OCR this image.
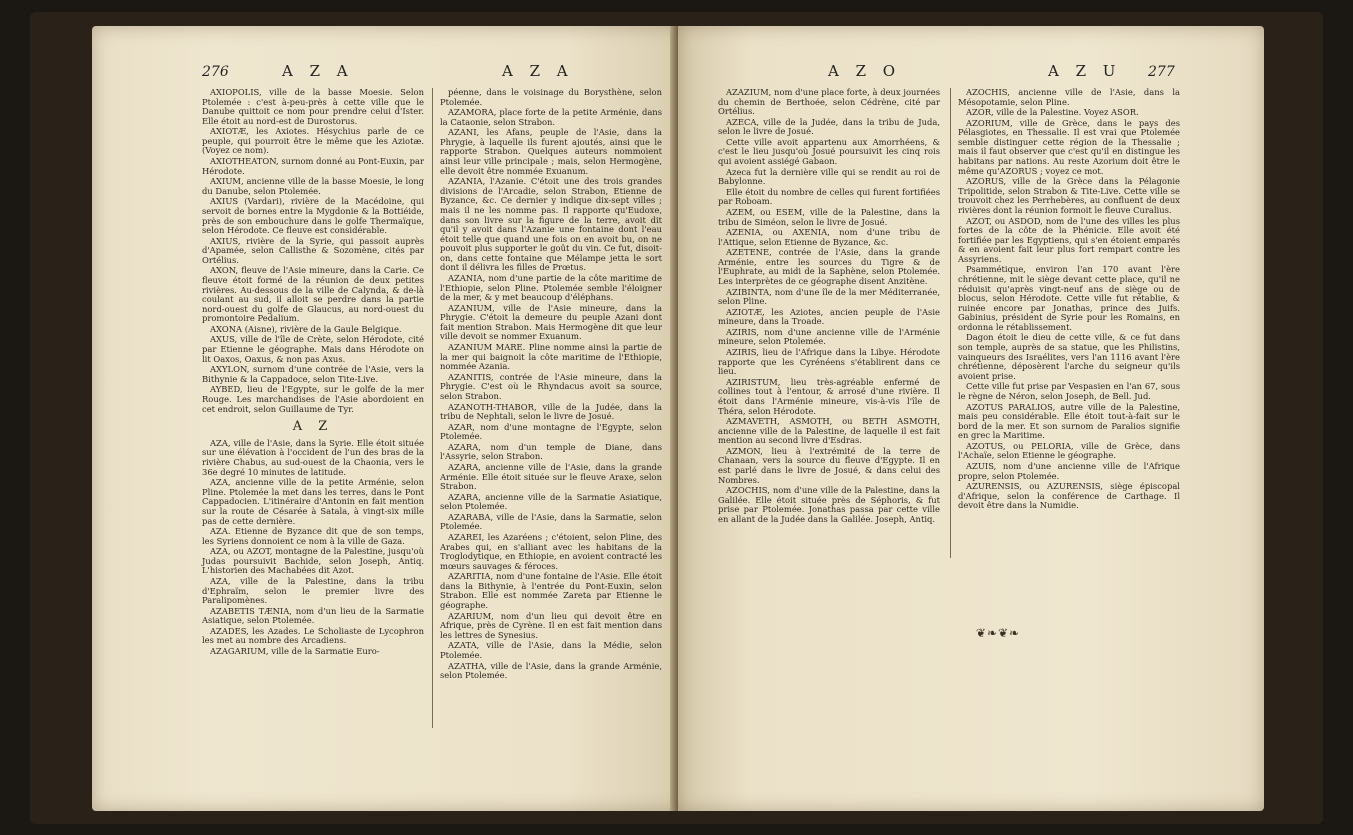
276	A Z A	A Z A

AXIOPOLIS, ville de la basse Moesie. Selon Ptolemée : c'est à-peu-près à cette ville que le Danube quittoit ce nom pour prendre celui d'Ister. Elle étoit au nord-est de Durostorus.

AXIOTÆ, les Axiotes. Hésychius parle de ce peuple, qui pourroit être le même que les Aziotæ. (Voyez ce nom).

AXIOTHEATON, surnom donné au Pont-Euxin, par Hérodote.

AXIUM, ancienne ville de la basse Moesie, le long du Danube, selon Ptolemée.

AXIUS (Vardari), rivière de la Macédoine, qui servoit de bornes entre la Mygdonie & la Bottiéide, près de son embouchure dans le golfe Thermaïque, selon Hérodote. Ce fleuve est considérable.

AXIUS, rivière de la Syrie, qui passoit auprès d'Apamée, selon Callisthe & Sozomène, cités par Ortélius.

AXON, fleuve de l'Asie mineure, dans la Carie. Ce fleuve étoit formé de la réunion de deux petites rivières. Au-dessous de la ville de Calynda, & de-là coulant au sud, il alloit se perdre dans la partie nord-ouest du golfe de Glaucus, au nord-ouest du promontoire Pedalium.

AXONA (Aisne), rivière de la Gaule Belgique.

AXUS, ville de l'île de Crète, selon Hérodote, cité par Etienne le géographe. Mais dans Hérodote on lit Oaxos, Oaxus, & non pas Axus.

AXYLON, surnom d'une contrée de l'Asie, vers la Bithynie & la Cappadoce, selon Tite-Live.

AYBED, lieu de l'Egypte, sur le golfe de la mer Rouge. Les marchandises de l'Asie abordoient en cet endroit, selon Guillaume de Tyr.

A Z

AZA, ville de l'Asie, dans la Syrie. Elle étoit située sur une élévation à l'occident de l'un des bras de la rivière Chabus, au sud-ouest de la Chaonia, vers le 36e degré 10 minutes de latitude.

AZA, ancienne ville de la petite Arménie, selon Pline. Ptolemée la met dans les terres, dans le Pont Cappadocien. L'itinéraire d'Antonin en fait mention sur la route de Césarée à Satala, à vingt-six mille pas de cette dernière.

AZA. Etienne de Byzance dit que de son temps, les Syriens donnoient ce nom à la ville de Gaza.

AZA, ou AZOT, montagne de la Palestine, jusqu'où Judas poursuivit Bachide, selon Joseph, Antiq. L'historien des Machabées dit Azot.

AZA, ville de la Palestine, dans la tribu d'Ephraïm, selon le premier livre des Paralipomènes.

AZABETIS TÆNIA, nom d'un lieu de la Sarmatie Asiatique, selon Ptolemée.

AZADES, les Azades. Le Scholiaste de Lycophron les met au nombre des Arcadiens.

AZAGARIUM, ville de la Sarmatie Euro-

péenne, dans le voisinage du Borysthène, selon Ptolemée.

AZAMORA, place forte de la petite Arménie, dans la Cataonie, selon Strabon.

AZANI, les Afans, peuple de l'Asie, dans la Phrygie, à laquelle ils furent ajoutés, ainsi que le rapporte Strabon. Quelques auteurs nommoient ainsi leur ville principale ; mais, selon Hermogène, elle devoit être nommée Exuanum.

AZANIA, l'Azanie. C'étoit une des trois grandes divisions de l'Arcadie, selon Strabon, Etienne de Byzance, &c. Ce dernier y indique dix-sept villes ; mais il ne les nomme pas. Il rapporte qu'Eudoxe, dans son livre sur la figure de la terre, avoit dit qu'il y avoit dans l'Azanie une fontaine dont l'eau étoit telle que quand une fois on en avoit bu, on ne pouvoit plus supporter le goût du vin. Ce fut, disoit-on, dans cette fontaine que Mélampe jetta le sort dont il délivra les filles de Prœtus.

AZANIA, nom d'une partie de la côte maritime de l'Ethiopie, selon Pline. Ptolemée semble l'éloigner de la mer, & y met beaucoup d'éléphans.

AZANIUM, ville de l'Asie mineure, dans la Phrygie. C'étoit la demeure du peuple Azani dont fait mention Strabon. Mais Hermogène dit que leur ville devoit se nommer Exuanum.

AZANIUM MARE. Pline nomme ainsi la partie de la mer qui baignoit la côte maritime de l'Ethiopie, nommée Azania.

AZANITIS, contrée de l'Asie mineure, dans la Phrygie. C'est où le Rhyndacus avoit sa source, selon Strabon.

AZANOTH-THABOR, ville de la Judée, dans la tribu de Nephtali, selon le livre de Josué.

AZAR, nom d'une montagne de l'Egypte, selon Ptolemée.

AZARA, nom d'un temple de Diane, dans l'Assyrie, selon Strabon.

AZARA, ancienne ville de l'Asie, dans la grande Arménie. Elle étoit située sur le fleuve Araxe, selon Strabon.

AZARA, ancienne ville de la Sarmatie Asiatique, selon Ptolemée.

AZARABA, ville de l'Asie, dans la Sarmatie, selon Ptolemée.

AZAREI, les Azaréens ; c'étoient, selon Pline, des Arabes qui, en s'alliant avec les habitans de la Troglodytique, en Ethiopie, en avoient contracté les mœurs sauvages & féroces.

AZARITIA, nom d'une fontaine de l'Asie. Elle étoit dans la Bithynie, à l'entrée du Pont-Euxin, selon Strabon. Elle est nommée Zareta par Etienne le géographe.

AZARIUM, nom d'un lieu qui devoit être en Afrique, près de Cyrène. Il en est fait mention dans les lettres de Synesius.

AZATA, ville de l'Asie, dans la Médie, selon Ptolemée.

AZATHA, ville de l'Asie, dans la grande Arménie, selon Ptolemée.

A Z O	A Z U 277

AZAZIUM, nom d'une place forte, à deux journées du chemin de Berthoée, selon Cédrène, cité par Ortélius.

AZECA, ville de la Judée, dans la tribu de Juda, selon le livre de Josué.

Cette ville avoit appartenu aux Amorrhéens, & c'est le lieu jusqu'où Josué poursuivit les cinq rois qui avoient assiégé Gabaon.

Azeca fut la dernière ville qui se rendit au roi de Babylonne.

Elle étoit du nombre de celles qui furent fortifiées par Roboam.

AZEM, ou ESEM, ville de la Palestine, dans la tribu de Siméon, selon le livre de Josué.

AZENIA, ou AXENIA, nom d'une tribu de l'Attique, selon Etienne de Byzance, &c.

AZETENE, contrée de l'Asie, dans la grande Arménie, entre les sources du Tigre & de l'Euphrate, au midi de la Saphène, selon Ptolemée. Les interprètes de ce géographe disent Anzitène.

AZIBINTA, nom d'une île de la mer Méditerranée, selon Pline.

AZIOTÆ, les Aziotes, ancien peuple de l'Asie mineure, dans la Troade.

AZIRIS, nom d'une ancienne ville de l'Arménie mineure, selon Ptolemée.

AZIRIS, lieu de l'Afrique dans la Libye. Hérodote rapporte que les Cyrénéens s'établirent dans ce lieu.

AZIRISTUM, lieu très-agréable enfermé de collines tout à l'entour, & arrosé d'une rivière. Il étoit dans l'Arménie mineure, vis-à-vis l'île de Théra, selon Hérodote.

AZMAVETH, ASMOTH, ou BETH ASMOTH, ancienne ville de la Palestine, de laquelle il est fait mention au second livre d'Esdras.

AZMON, lieu à l'extrémité de la terre de Chanaan, vers la source du fleuve d'Egypte. Il en est parlé dans le livre de Josué, & dans celui des Nombres.

AZOCHIS, nom d'une ville de la Palestine, dans la Galilée. Elle étoit située près de Séphoris, & fut prise par Ptolemée. Jonathas passa par cette ville en allant de la Judée dans la Galilée. Joseph, Antiq.

AZOCHIS, ancienne ville de l'Asie, dans la Mésopotamie, selon Pline.

AZOR, ville de la Palestine. Voyez ASOR.

AZORIUM, ville de Grèce, dans le pays des Pélasgiotes, en Thessalie. Il est vrai que Ptolemée semble distinguer cette région de la Thessalie ; mais il faut observer que c'est qu'il en distingue les habitans par nations. Au reste Azorium doit être le même qu'AZORUS ; voyez ce mot.

AZORUS, ville de la Grèce dans la Pélagonie Tripolitide, selon Strabon & Tite-Live. Cette ville se trouvoit chez les Perrhebères, au confluent de deux rivières dont la réunion formoit le fleuve Curalius.

AZOT, ou ASDOD, nom de l'une des villes les plus fortes de la côte de la Phénicie. Elle avoit été fortifiée par les Egyptiens, qui s'en étoient emparés & en avoient fait leur plus fort rempart contre les Assyriens.

Psammétique, environ l'an 170 avant l'ère chrétienne, mit le siège devant cette place, qu'il ne réduisit qu'après vingt-neuf ans de siège ou de blocus, selon Hérodote. Cette ville fut rétablie, & ruinée encore par Jonathas, prince des Juifs. Gabinius, président de Syrie pour les Romains, en ordonna le rétablissement.

Dagon étoit le dieu de cette ville, & ce fut dans son temple, auprès de sa statue, que les Philistins, vainqueurs des Israélites, vers l'an 1116 avant l'ère chrétienne, déposèrent l'arche du seigneur qu'ils avoient prise.

Cette ville fut prise par Vespasien en l'an 67, sous le règne de Néron, selon Joseph, de Bell. Jud.

AZOTUS PARALIOS, autre ville de la Palestine, mais peu considérable. Elle étoit tout-à-fait sur le bord de la mer. Et son surnom de Paralios signifie en grec la Maritime.

AZOTUS, ou PELORIA, ville de Grèce, dans l'Achaïe, selon Etienne le géographe.

AZUIS, nom d'une ancienne ville de l'Afrique propre, selon Ptolemée.

AZURENSIS, ou AZURENSIS, siège épiscopal d'Afrique, selon la conférence de Carthage. Il devoit être dans la Numidie.

❦❧❦❧
